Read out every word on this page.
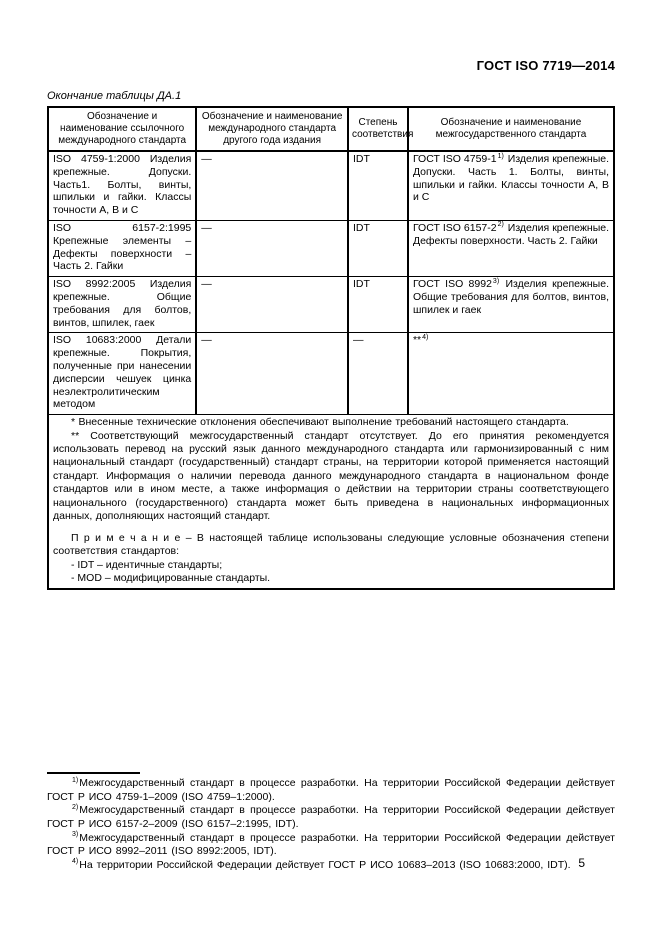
ГОСТ ISO 7719—2014
Окончание таблицы ДА.1
Обозначение и наименование ссылочного международного стандарта	Обозначение и наименование международного стандарта другого года издания	Степень соответствия	Обозначение и наименование межгосударственного стандарта
ISO 4759-1:2000 Изделия крепежные. Допуски. Часть1. Болты, винты, шпильки и гайки. Классы точности А, В и С	—	IDT	ГОСТ ISO 4759-1$^{1)}$ Изделия крепежные. Допуски. Часть 1. Болты, винты, шпильки и гайки. Классы точности А, В и С
ISO 6157-2:1995 Крепежные элементы – Дефекты поверхности – Часть 2. Гайки	—	IDT	ГОСТ ISO 6157-2$^{2)}$ Изделия крепежные. Дефекты поверхности. Часть 2. Гайки
ISO 8992:2005 Изделия крепежные. Общие требования для болтов, винтов, шпилек, гаек	—	IDT	ГОСТ ISO 8992$^{3)}$ Изделия крепежные. Общие требования для болтов, винтов, шпилек и гаек
ISO 10683:2000 Детали крепежные. Покрытия, полученные при нанесении дисперсии чешуек цинка неэлектролитическим методом	—	—	**$^{4)}$

* Внесенные технические отклонения обеспечивают выполнение требований настоящего стандарта.

** Соответствующий межгосударственный стандарт отсутствует. До его принятия рекомендуется использовать перевод на русский язык данного международного стандарта или гармонизированный с ним национальный стандарт (государственный) стандарт страны, на территории которой применяется настоящий стандарт. Информация о наличии перевода данного международного стандарта в национальном фонде стандартов или в ином месте, а также информация о действии на территории страны соответствующего национального (государственного) стандарта может быть приведена в национальных информационных данных, дополняющих настоящий стандарт.

П р и м е ч а н и е – В настоящей таблице использованы следующие условные обозначения степени соответствия стандартов:

- IDT – идентичные стандарты;

- MOD – модифицированные стандарты.			

$^{1)}$Межгосударственный стандарт в процессе разработки. На территории Российской Федерации действует ГОСТ Р ИСО 4759-1–2009 (ISO 4759–1:2000).

$^{2)}$Межгосударственный стандарт в процессе разработки. На территории Российской Федерации действует ГОСТ Р ИСО 6157-2–2009 (ISO 6157–2:1995, IDT).

$^{3)}$Межгосударственный стандарт в процессе разработки. На территории Российской Федерации действует ГОСТ Р ИСО 8992–2011 (ISO 8992:2005, IDT).

$^{4)}$На территории Российской Федерации действует ГОСТ Р ИСО 10683–2013 (ISO 10683:2000, IDT). 5
